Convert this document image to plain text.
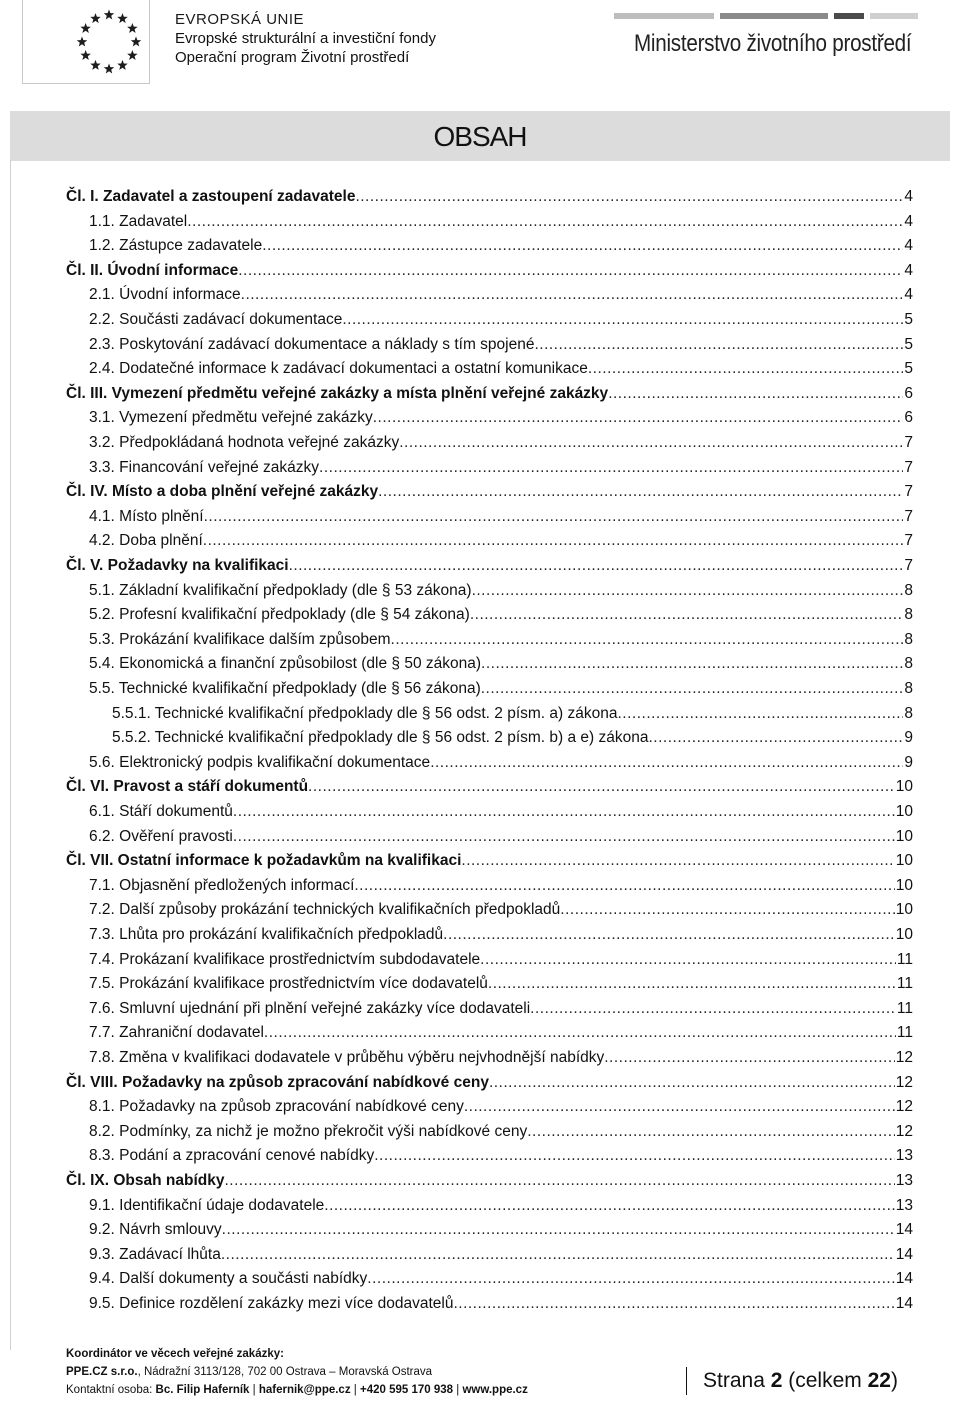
EVROPSKÁ UNIE
Evropské strukturální a investiční fondy
Operační program Životní prostředí
Ministerstvo životního prostředí
OBSAH
Čl. I. Zadavatel a zastoupení zadavatele .....	4
1.1. Zadavatel .....	4
1.2. Zástupce zadavatele .....	4
Čl. II. Úvodní informace .....	4
2.1. Úvodní informace .....	4
2.2. Součásti zadávací dokumentace .....	5
2.3. Poskytování zadávací dokumentace a náklady s tím spojené .....	5
2.4. Dodatečné informace k zadávací dokumentaci a ostatní komunikace .....	5
Čl. III. Vymezení předmětu veřejné zakázky a místa plnění veřejné zakázky .....	6
3.1. Vymezení předmětu veřejné zakázky .....	6
3.2. Předpokládaná hodnota veřejné zakázky .....	7
3.3. Financování veřejné zakázky .....	7
Čl. IV. Místo a doba plnění veřejné zakázky .....	7
4.1. Místo plnění .....	7
4.2. Doba plnění .....	7
Čl. V. Požadavky na kvalifikaci .....	7
5.1. Základní kvalifikační předpoklady (dle § 53 zákona) .....	8
5.2. Profesní kvalifikační předpoklady (dle § 54 zákona) .....	8
5.3. Prokázání kvalifikace dalším způsobem .....	8
5.4. Ekonomická a finanční způsobilost (dle § 50 zákona) .....	8
5.5. Technické kvalifikační předpoklady (dle § 56 zákona) .....	8
5.5.1. Technické kvalifikační předpoklady dle § 56 odst. 2 písm. a) zákona .....	8
5.5.2. Technické kvalifikační předpoklady dle § 56 odst. 2 písm. b) a e) zákona .....	9
5.6. Elektronický podpis kvalifikační dokumentace .....	9
Čl. VI. Pravost a stáří dokumentů .....	10
6.1. Stáří dokumentů .....	10
6.2. Ověření pravosti .....	10
Čl. VII. Ostatní informace k požadavkům na kvalifikaci .....	10
7.1. Objasnění předložených informací .....	10
7.2. Další způsoby prokázání technických kvalifikačních předpokladů .....	10
7.3. Lhůta pro prokázání kvalifikačních předpokladů .....	10
7.4. Prokázaní kvalifikace prostřednictvím subdodavatele .....	11
7.5. Prokázání kvalifikace prostřednictvím více dodavatelů .....	11
7.6. Smluvní ujednání při plnění veřejné zakázky více dodavateli .....	11
7.7. Zahraniční dodavatel .....	11
7.8. Změna v kvalifikaci dodavatele v průběhu výběru nejvhodnější nabídky .....	12
Čl. VIII. Požadavky na způsob zpracování nabídkové ceny .....	12
8.1. Požadavky na způsob zpracování nabídkové ceny .....	12
8.2. Podmínky, za nichž je možno překročit výši nabídkové ceny .....	12
8.3. Podání a zpracování cenové nabídky .....	13
Čl. IX. Obsah nabídky .....	13
9.1. Identifikační údaje dodavatele .....	13
9.2. Návrh smlouvy .....	14
9.3. Zadávací lhůta .....	14
9.4. Další dokumenty a součásti nabídky .....	14
9.5. Definice rozdělení zakázky mezi více dodavatelů .....	14
Koordinátor ve věcech veřejné zakázky:
PPE.CZ s.r.o., Nádražní 3113/128, 702 00 Ostrava – Moravská Ostrava
Kontaktní osoba: Bc. Filip Haferník | hafernik@ppe.cz | +420 595 170 938 | www.ppe.cz	Strana 2 (celkem 22)
